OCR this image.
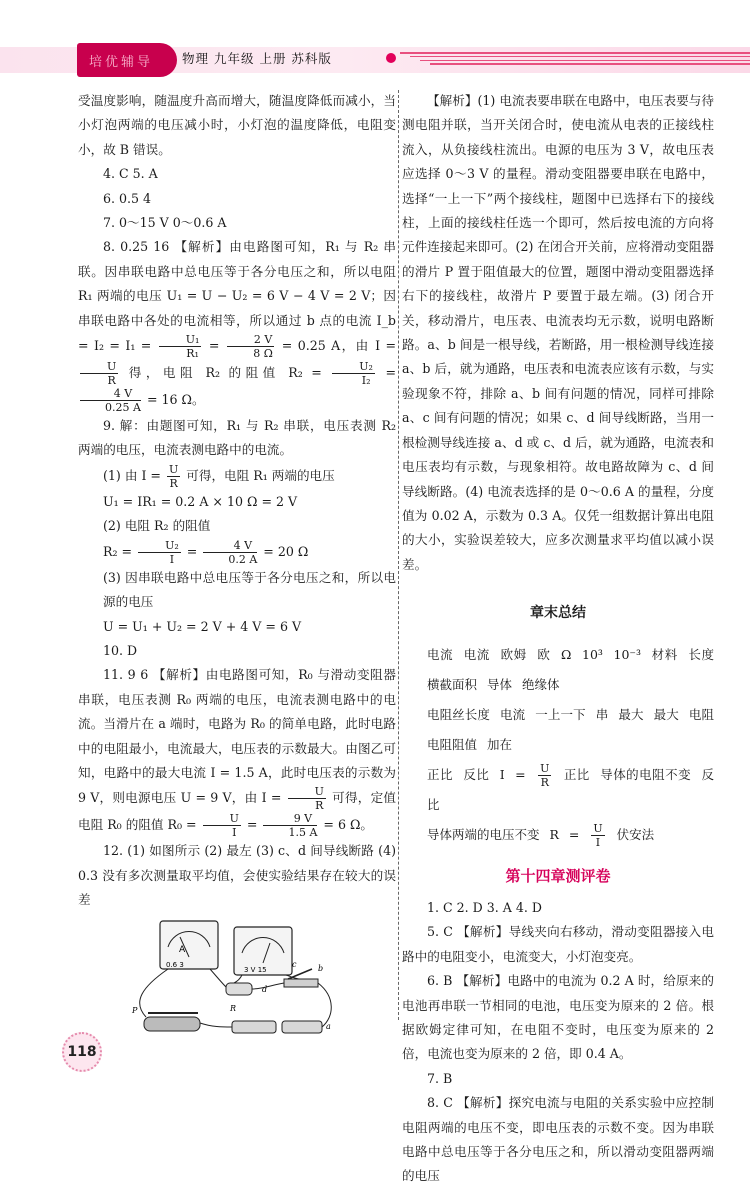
培优辅导 物理 九年级 上册 苏科版

受温度影响，随温度升高而增大，随温度降低而减小，当小灯泡两端的电压减小时，小灯泡的温度降低，电阻变小，故 B 错误。

4. C 5. A

6. 0.5 4

7. 0～15 V 0～0.6 A

8. 0.25 16 【解析】由电路图可知，R₁ 与 R₂ 串联。因串联电路中总电压等于各分电压之和，所以电阻 R₁ 两端的电压 U₁ = U − U₂ = 6 V − 4 V = 2 V；因串联电路中各处的电流相等，所以通过 b 点的电流 I_b = $I_2 = I_1 = \frac{\text{U₁}}{\text{R₁}} = \frac{2 V}{8 \Omega} = 0.25$ A，由 I =
$\frac{U}{R}$ 得，电阻 R₂ 的阻值 $R_2 = \frac{\text{U₂}}{\text{I₂}}$ =
$\frac{4 V}{0.25 A} = 16$ Ω。

9. 解：由题图可知，R₁ 与 R₂ 串联，电压表测 R₂ 两端的电压，电流表测电路中的电流。

(1) 由 $I = \frac{U}{R}$ 可得，电阻 R₁ 两端的电压

U₁ = IR₁ = 0.2 A × 10 Ω = 2 V

(2) 电阻 R₂ 的阻值

$R_2 = \frac{\text{U₂}}{I} = \frac{4 V}{0.2 A} = 20$ Ω

(3) 因串联电路中总电压等于各分电压之和，所以电源的电压

U = U₁ + U₂ = 2 V + 4 V = 6 V

10. D

11. 9 6 【解析】由电路图可知，R₀ 与滑动变阻器串联，电压表测 R₀ 两端的电压，电流表测电路中的电流。当滑片在 a 端时，电路为 R₀ 的简单电路，此时电路中的电阻最小，电流最大，电压表的示数最大。由图乙可知，电路中的最大电流 I = 1.5 A，此时电压表的示数为 9 V，则电源电压 U = 9 V，由 $I = \frac{U}{R}$ 可得，定值电阻 R₀ 的阻值 $R_0 = \frac{U}{I} = \frac{9 V}{1.5 A} = 6$ Ω。

12. (1) 如图所示 (2) 最左 (3) c、d 间导线断路 (4) 0.3 没有多次测量取平均值，会使实验结果存在较大的误差

A
0.6 3
3 V 15
R
d
c	b
P
a

【解析】(1) 电流表要串联在电路中，电压表要与待测电阻并联，当开关闭合时，使电流从电表的正接线柱流入，从负接线柱流出。电源的电压为 3 V，故电压表应选择 0～3 V 的量程。滑动变阻器要串联在电路中，选择“一上一下”两个接线柱，题图中已选择右下的接线柱，上面的接线柱任选一个即可，然后按电流的方向将元件连接起来即可。(2) 在闭合开关前，应将滑动变阻器的滑片 P 置于阻值最大的位置，题图中滑动变阻器选择右下的接线柱，故滑片 P 要置于最左端。(3) 闭合开关，移动滑片，电压表、电流表均无示数，说明电路断路。a、b 间是一根导线，若断路，用一根检测导线连接 a、b 后，就为通路，电压表和电流表应该有示数，与实验现象不符，排除 a、b 间有问题的情况，同样可排除 a、c 间有问题的情况；如果 c、d 间导线断路，当用一根检测导线连接 a、d 或 c、d 后，就为通路，电流表和电压表均有示数，与现象相符。故电路故障为 c、d 间导线断路。(4) 电流表选择的是 0～0.6 A 的量程，分度值为 0.02 A，示数为 0.3 A。仅凭一组数据计算出电阻的大小，实验误差较大，应多次测量求平均值以减小误差。

章末总结

电流 电流 欧姆 欧 Ω 10³ 10⁻³ 材料 长度 横截面积 导体 绝缘体

电阻丝长度 电流 一上一下 串 最大 最大 电阻 电阻阻值 加在

正比 反比 $I = \frac{U}{R}$ 正比 导体的电阻不变 反比

导体两端的电压不变 $R = \frac{U}{I}$ 伏安法

第十四章测评卷

1. C 2. D 3. A 4. D

5. C 【解析】导线夹向右移动，滑动变阻器接入电路中的电阻变小，电流变大，小灯泡变亮。

6. B 【解析】电路中的电流为 0.2 A 时，给原来的电池再串联一节相同的电池，电压变为原来的 2 倍。根据欧姆定律可知，在电阻不变时，电压变为原来的 2 倍，电流也变为原来的 2 倍，即 0.4 A。

7. B

8. C 【解析】探究电流与电阻的关系实验中应控制电阻两端的电压不变，即电压表的示数不变。因为串联电路中总电压等于各分电压之和，所以滑动变阻器两端的电压

118
